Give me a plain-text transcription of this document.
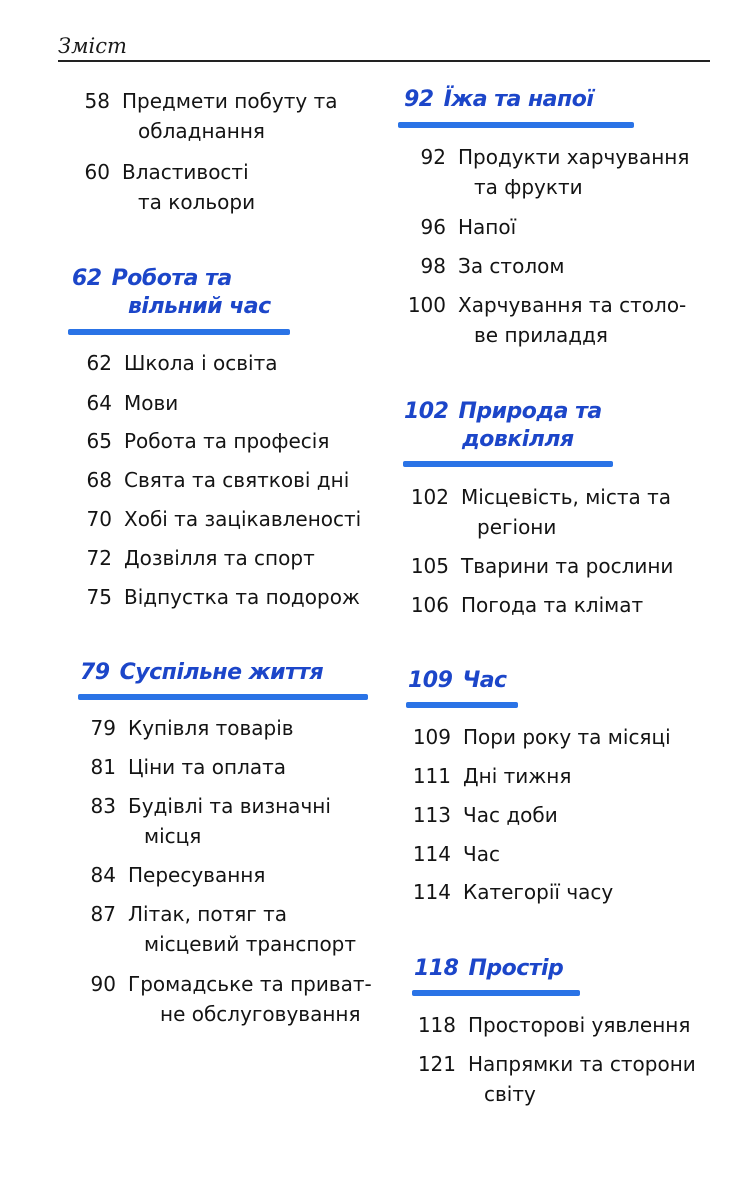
Зміст
58 Предмети побуту та
обладнання
60 Властивості
та кольори
62 Робота та
вільний час
62 Школа і освіта
64 Мови
65 Робота та професія
68 Свята та святкові дні
70 Хобі та зацікавленості
72 Дозвілля та спорт
75 Відпустка та подорож
79 Суспільне життя
79 Купівля товарів
81 Ціни та оплата
83 Будівлі та визначні
місця
84 Пересування
87 Літак, потяг та
місцевий транспорт
90 Громадське та приват-
не обслуговування
92 Їжа та напої
92 Продукти харчування
та фрукти
96 Напої
98 За столом
100 Харчування та столо-
ве приладдя
102 Природа та
довкілля
102 Місцевість, міста та
регіони
105 Тварини та рослини
106 Погода та клімат
109 Час
109 Пори року та місяці
111 Дні тижня
113 Час доби
114 Час
114 Категорії часу
118 Простір
118 Просторові уявлення
121 Напрямки та сторони
світу
